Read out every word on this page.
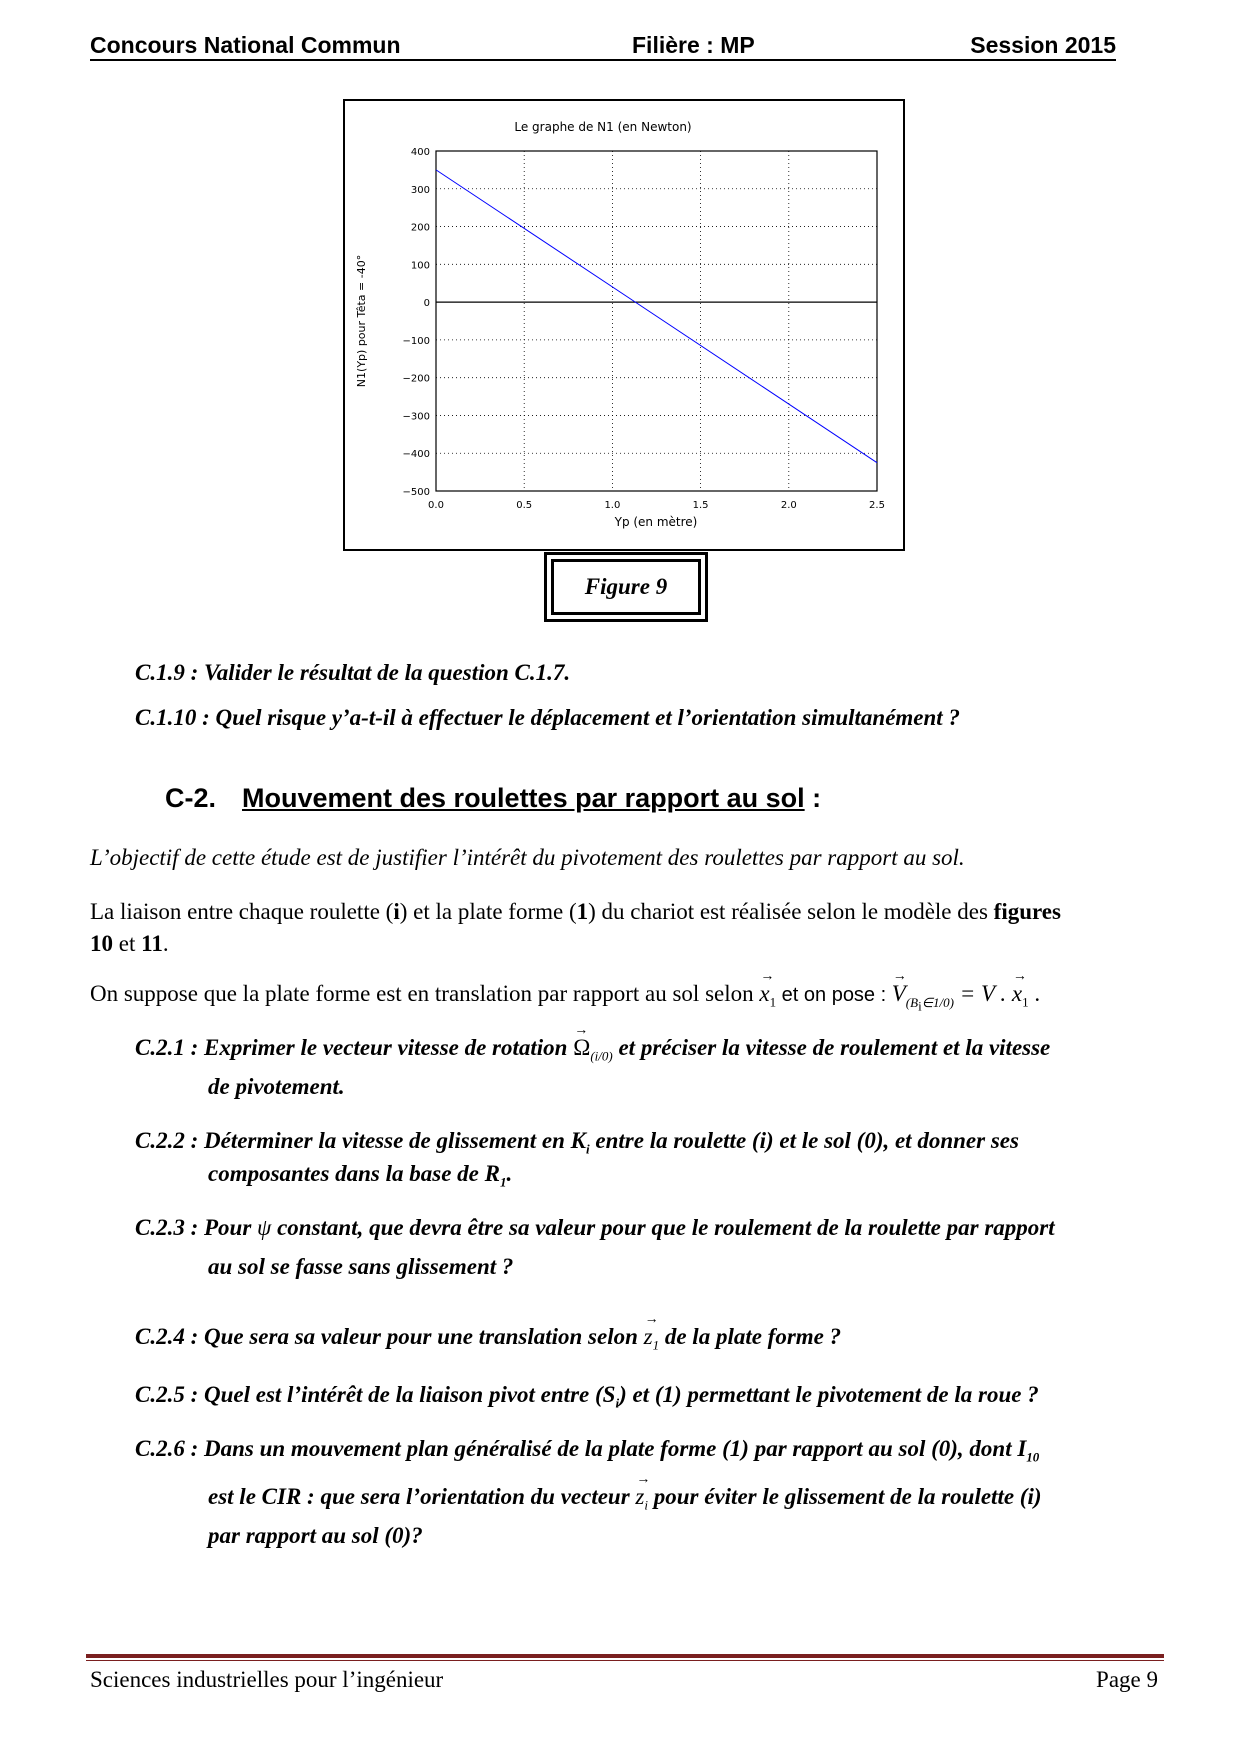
Concours National Commun	Filière : MP	Session 2015
Le graphe de N1 (en Newton)
Yp (en mètre)
N1(Yp) pour Têta = -40°
0.0	0.5	1.0	1.5	2.0	2.5
400
300
200
100
0
−100
−200
−300
−400
−500
Figure 9
C.1.9 : Valider le résultat de la question C.1.7.
C.1.10 : Quel risque y’a-t-il à effectuer le déplacement et l’orientation simultanément ?
C-2. Mouvement des roulettes par rapport au sol :
L’objectif de cette étude est de justifier l’intérêt du pivotement des roulettes par rapport au sol.
La liaison entre chaque roulette (i) et la plate forme (1) du chariot est réalisée selon le modèle des figures
10 et 11.
On suppose que la plate forme est en translation par rapport au sol selon → $x_1$ et on pose : → $V_{(B_i\in 1/0)} = V$ . → $x_1$ .
C.2.1 : Exprimer le vecteur vitesse de rotation → $\Omega_{(i/0)}$ et préciser la vitesse de roulement et la vitesse
de pivotement.
C.2.2 : Déterminer la vitesse de glissement en $K_i$ entre la roulette (i) et le sol (0), et donner ses
composantes dans la base de $R_1$.
C.2.3 : Pour ψ constant, que devra être sa valeur pour que le roulement de la roulette par rapport
au sol se fasse sans glissement ?
C.2.4 : Que sera sa valeur pour une translation selon → $z_1$ de la plate forme ?
C.2.5 : Quel est l’intérêt de la liaison pivot entre $(S_i)$ et (1) permettant le pivotement de la roue ?
C.2.6 : Dans un mouvement plan généralisé de la plate forme (1) par rapport au sol (0), dont $I_{10}$
est le CIR : que sera l’orientation du vecteur → $z_i$ pour éviter le glissement de la roulette (i)
par rapport au sol (0)?
Sciences industrielles pour l’ingénieur	Page 9
